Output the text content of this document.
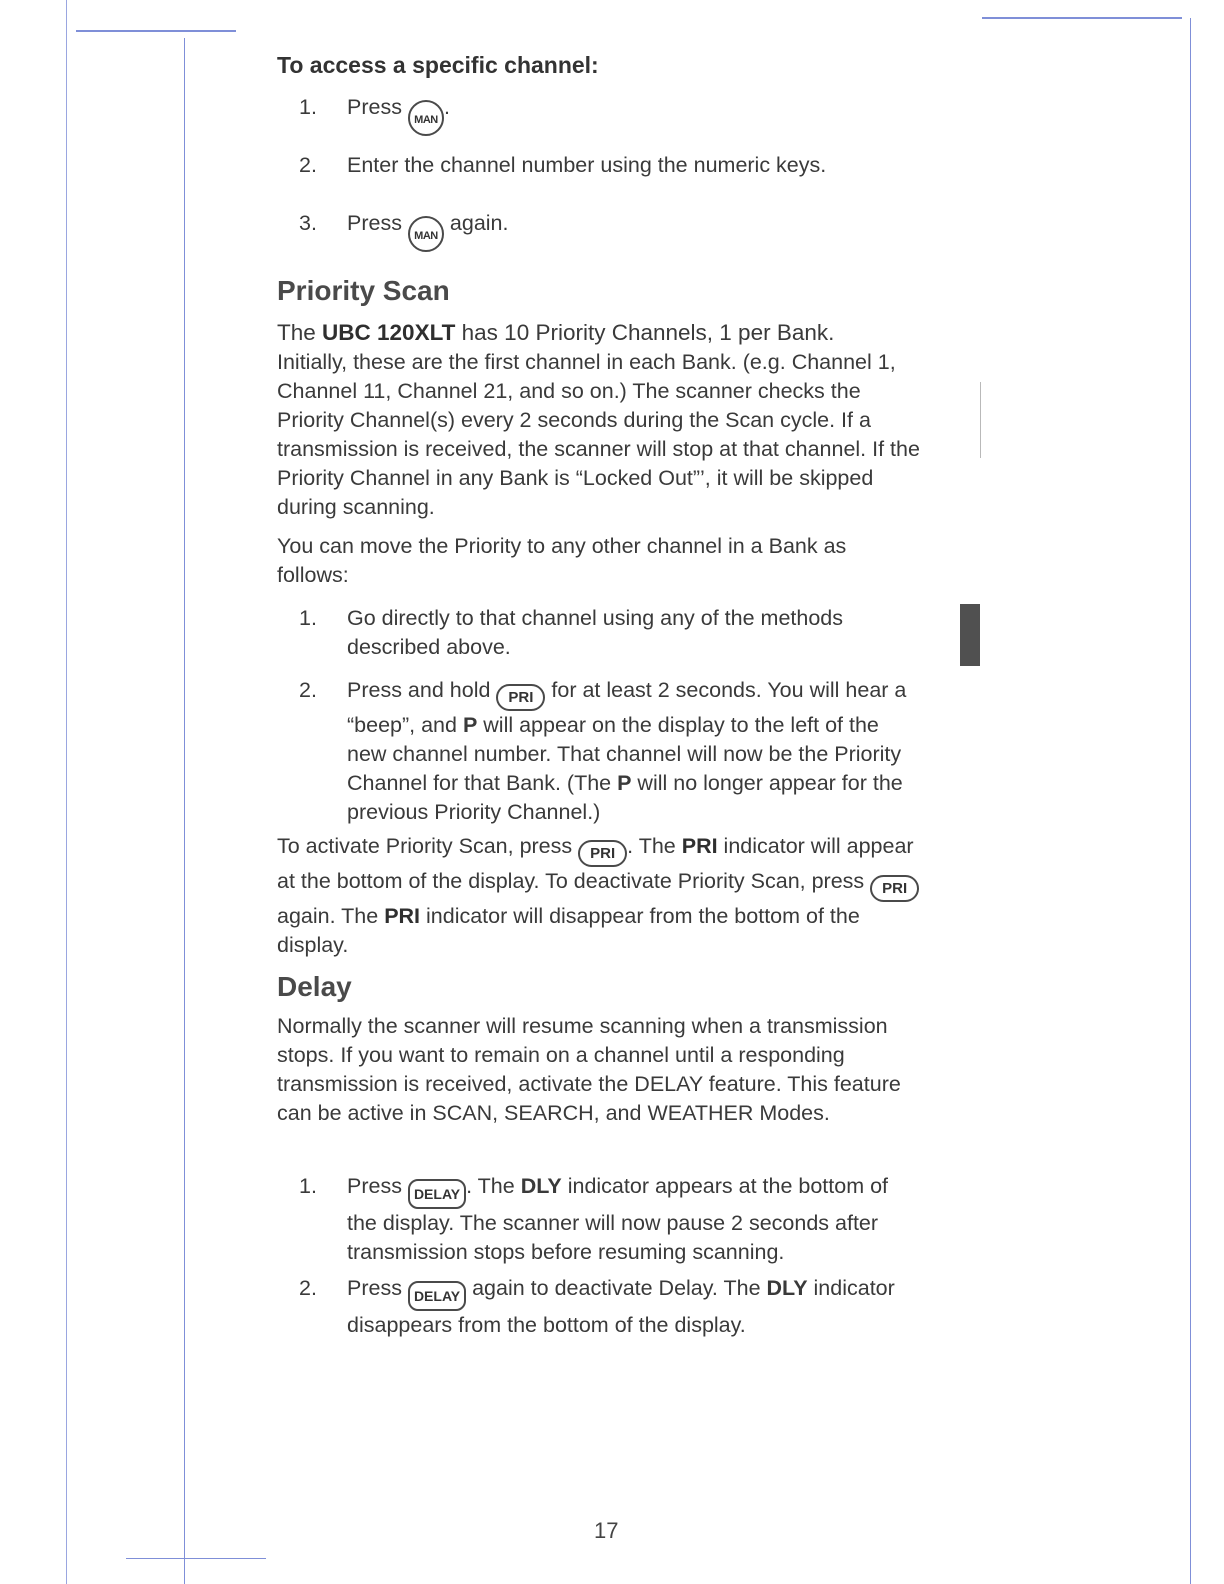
To access a specific channel:
1. Press MAN.
2. Enter the channel number using the numeric keys.
3. Press MAN again.
Priority Scan
The UBC 120XLT has 10 Priority Channels, 1 per Bank.
Initially, these are the first channel in each Bank. (e.g. Channel 1, Channel 11, Channel 21, and so on.) The scanner checks the Priority Channel(s) every 2 seconds during the Scan cycle. If a transmission is received, the scanner will stop at that channel. If the Priority Channel in any Bank is “Locked Out”’, it will be skipped during scanning.
You can move the Priority to any other channel in a Bank as follows:
1. Go directly to that channel using any of the methods described above.
2. Press and hold PRI for at least 2 seconds. You will hear a “beep”, and P will appear on the display to the left of the new channel number. That channel will now be the Priority Channel for that Bank. (The P will no longer appear for the previous Priority Channel.)
To activate Priority Scan, press PRI . The PRI indicator will appear at the bottom of the display. To deactivate Priority Scan, press PRI again. The PRI indicator will disappear from the bottom of the display.
Delay
Normally the scanner will resume scanning when a transmission stops. If you want to remain on a channel until a responding transmission is received, activate the DELAY feature. This feature can be active in SCAN, SEARCH, and WEATHER Modes.
1. Press DELAY . The DLY indicator appears at the bottom of the display. The scanner will now pause 2 seconds after transmission stops before resuming scanning.
2. Press DELAY again to deactivate Delay. The DLY indicator disappears from the bottom of the display.
17
